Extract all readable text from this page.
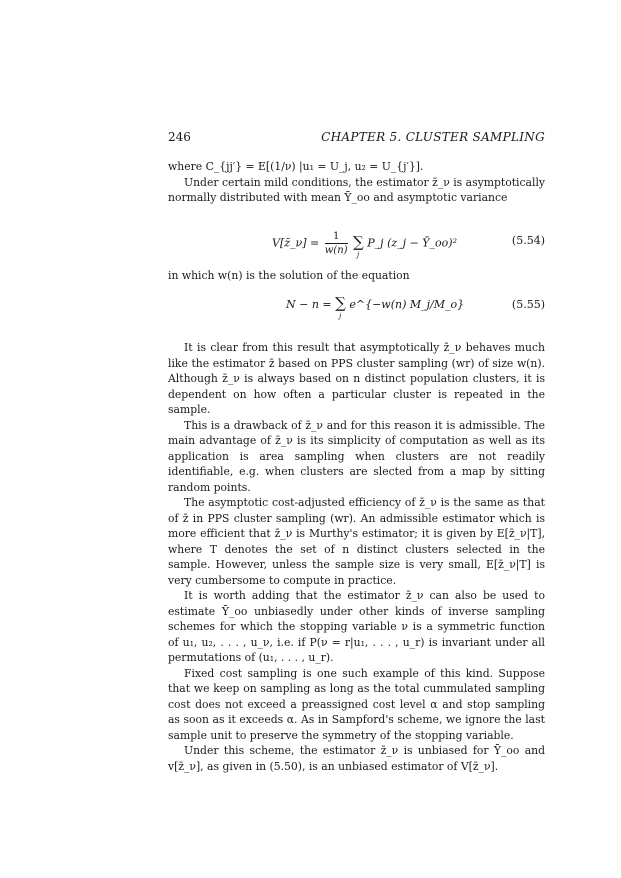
246	CHAPTER 5. CLUSTER SAMPLING

where C_{jj′} = E[(1/ν) |u₁ = U_j, u₂ = U_{j′}].

Under certain mild conditions, the estimator z̄_ν is asymptotically normally distributed with mean Ȳ_oo and asymptotic variance

V[z̄_ν] = $\frac{1}{w(n)}$ ∑
j
P_j (z_j − Ȳ_oo)²	(5.54)

in which w(n) is the solution of the equation

N − n = ∑
j
e^{−w(n) M_j/M_o}	(5.55)

It is clear from this result that asymptotically z̄_ν behaves much like the estimator z̄ based on PPS cluster sampling (wr) of size w(n). Although z̄_ν is always based on n distinct population clusters, it is dependent on how often a particular cluster is repeated in the sample.

This is a drawback of z̄_ν and for this reason it is admissible. The main advantage of z̄_ν is its simplicity of computation as well as its application is area sampling when clusters are not readily identifiable, e.g. when clusters are slected from a map by sitting random points.

The asymptotic cost-adjusted efficiency of z̄_ν is the same as that of z̄ in PPS cluster sampling (wr). An admissible estimator which is more efficient that z̄_ν is Murthy's estimator; it is given by E[z̄_ν|T], where T denotes the set of n distinct clusters selected in the sample. However, unless the sample size is very small, E[z̄_ν|T] is very cumbersome to compute in practice.

It is worth adding that the estimator z̄_ν can also be used to estimate Ȳ_oo unbiasedly under other kinds of inverse sampling schemes for which the stopping variable ν is a symmetric function of u₁, u₂, . . . , u_ν, i.e. if P(ν = r|u₁, . . . , u_r) is invariant under all permutations of (u₁, . . . , u_r).

Fixed cost sampling is one such example of this kind. Suppose that we keep on sampling as long as the total cummulated sampling cost does not exceed a preassigned cost level α and stop sampling as soon as it exceeds α. As in Sampford's scheme, we ignore the last sample unit to preserve the symmetry of the stopping variable.

Under this scheme, the estimator z̄_ν is unbiased for Ȳ_oo and v[z̄_ν], as given in (5.50), is an unbiased estimator of V[z̄_ν].
